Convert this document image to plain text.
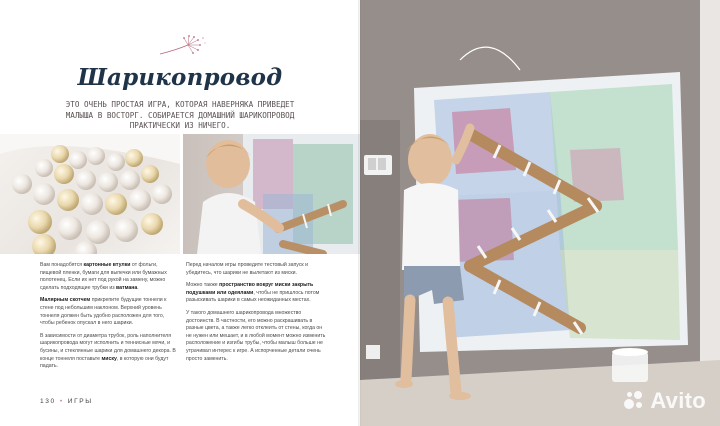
Шарикопровод

ЭТО ОЧЕНЬ ПРОСТАЯ ИГРА, КОТОРАЯ НАВЕРНЯКА ПРИВЕДЕТ МАЛЫША В ВОСТОРГ. СОБИРАЕТСЯ ДОМАШНИЙ ШАРИКОПРОВОД ПРАКТИЧЕСКИ ИЗ НИЧЕГО.

Вам понадобятся картонные втулки от фольги, пищевой пленки, бумаги для выпечки или бумажных полотенец. Если их нет под рукой на замену, можно сделать подходящие трубки из ватмана.

Малярным скотчем прикрепите будущие тоннели к стене под небольшим наклоном. Верхний уровень тоннеля должен быть удобно расположен для того, чтобы ребенок опускал в него шарики.

В зависимости от диаметра трубок, роль наполнителя шарикопровода могут исполнить и теннисные мячи, и бусины, и стеклянные шарики для домашнего декора. В конце тоннеля поставьте миску, в которую они будут падать.

Перед началом игры проведите тестовый запуск и убедитесь, что шарики не вылетают из миски.

Можно также пространство вокруг миски закрыть подушками или одеялами, чтобы не пришлось потом разыскивать шарики в самых неожиданных местах.

У такого домашнего шарикопровода множество достоинств. В частности, его можно раскрашивать в разные цвета, а также легко отклеить от стены, когда он не нужен или мешает, и в любой момент можно изменить расположение и изгибы трубы, чтобы малыш больше не утрачивал интерес к игре. А испорченные детали очень просто заменить.

130 • ИГРЫ	Avito
